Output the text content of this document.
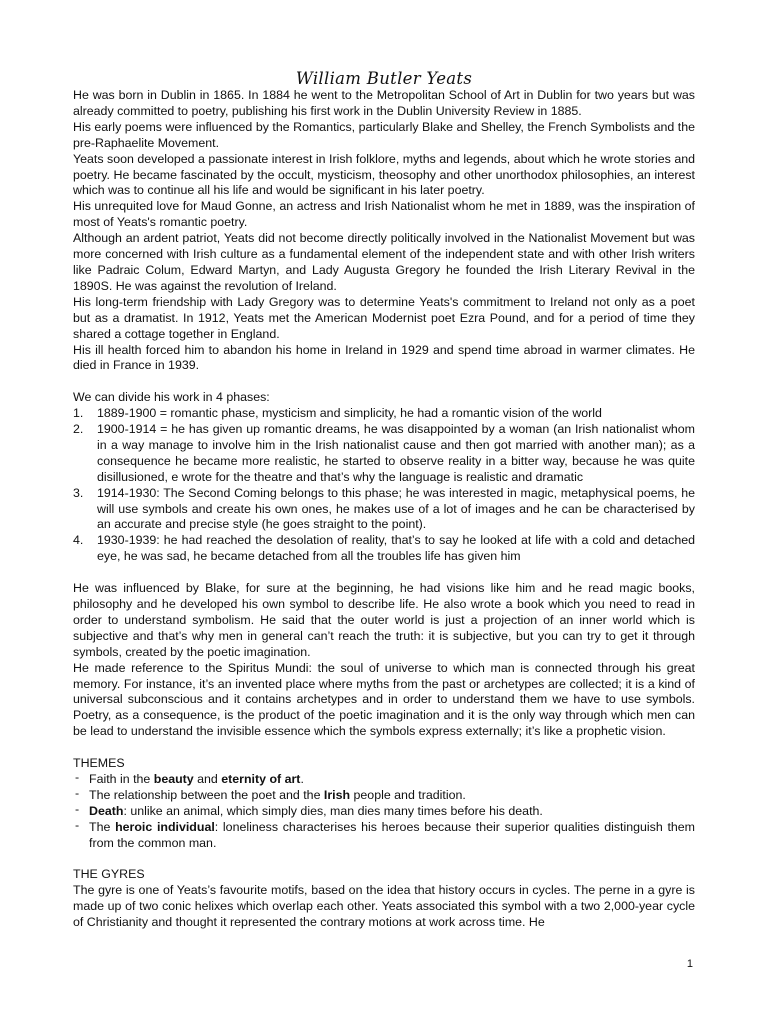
William Butler Yeats

He was born in Dublin in 1865. In 1884 he went to the Metropolitan School of Art in Dublin for two years but was already committed to poetry, publishing his first work in the Dublin University Review in 1885.

His early poems were influenced by the Romantics, particularly Blake and Shelley, the French Symbolists and the pre-Raphaelite Movement.

Yeats soon developed a passionate interest in Irish folklore, myths and legends, about which he wrote stories and poetry. He became fascinated by the occult, mysticism, theosophy and other unorthodox philosophies, an interest which was to continue all his life and would be significant in his later poetry.

His unrequited love for Maud Gonne, an actress and Irish Nationalist whom he met in 1889, was the inspiration of most of Yeats's romantic poetry.

Although an ardent patriot, Yeats did not become directly politically involved in the Nationalist Movement but was more concerned with Irish culture as a fundamental element of the independent state and with other Irish writers like Padraic Colum, Edward Martyn, and Lady Augusta Gregory he founded the Irish Literary Revival in the 1890S. He was against the revolution of Ireland.

His long-term friendship with Lady Gregory was to determine Yeats's commitment to Ireland not only as a poet but as a dramatist. In 1912, Yeats met the American Modernist poet Ezra Pound, and for a period of time they shared a cottage together in England.

His ill health forced him to abandon his home in Ireland in 1929 and spend time abroad in warmer climates. He died in France in 1939.

We can divide his work in 4 phases:

1. 1889-1900 = romantic phase, mysticism and simplicity, he had a romantic vision of the world
2. 1900-1914 = he has given up romantic dreams, he was disappointed by a woman (an Irish nationalist whom in a way manage to involve him in the Irish nationalist cause and then got married with another man); as a consequence he became more realistic, he started to observe reality in a bitter way, because he was quite disillusioned, e wrote for the theatre and that’s why the language is realistic and dramatic
3. 1914-1930: The Second Coming belongs to this phase; he was interested in magic, metaphysical poems, he will use symbols and create his own ones, he makes use of a lot of images and he can be characterised by an accurate and precise style (he goes straight to the point).
4. 1930-1939: he had reached the desolation of reality, that’s to say he looked at life with a cold and detached eye, he was sad, he became detached from all the troubles life has given him

He was influenced by Blake, for sure at the beginning, he had visions like him and he read magic books, philosophy and he developed his own symbol to describe life. He also wrote a book which you need to read in order to understand symbolism. He said that the outer world is just a projection of an inner world which is subjective and that’s why men in general can’t reach the truth: it is subjective, but you can try to get it through symbols, created by the poetic imagination.

He made reference to the Spiritus Mundi: the soul of universe to which man is connected through his great memory. For instance, it’s an invented place where myths from the past or archetypes are collected; it is a kind of universal subconscious and it contains archetypes and in order to understand them we have to use symbols. Poetry, as a consequence, is the product of the poetic imagination and it is the only way through which men can be lead to understand the invisible essence which the symbols express externally; it’s like a prophetic vision.

THEMES

- Faith in the beauty and eternity of art.
- The relationship between the poet and the Irish people and tradition.
- Death: unlike an animal, which simply dies, man dies many times before his death.
- The heroic individual: loneliness characterises his heroes because their superior qualities distinguish them from the common man.

THE GYRES

The gyre is one of Yeats’s favourite motifs, based on the idea that history occurs in cycles. The perne in a gyre is made up of two conic helixes which overlap each other. Yeats associated this symbol with a two 2,000-year cycle of Christianity and thought it represented the contrary motions at work across time. He

1
